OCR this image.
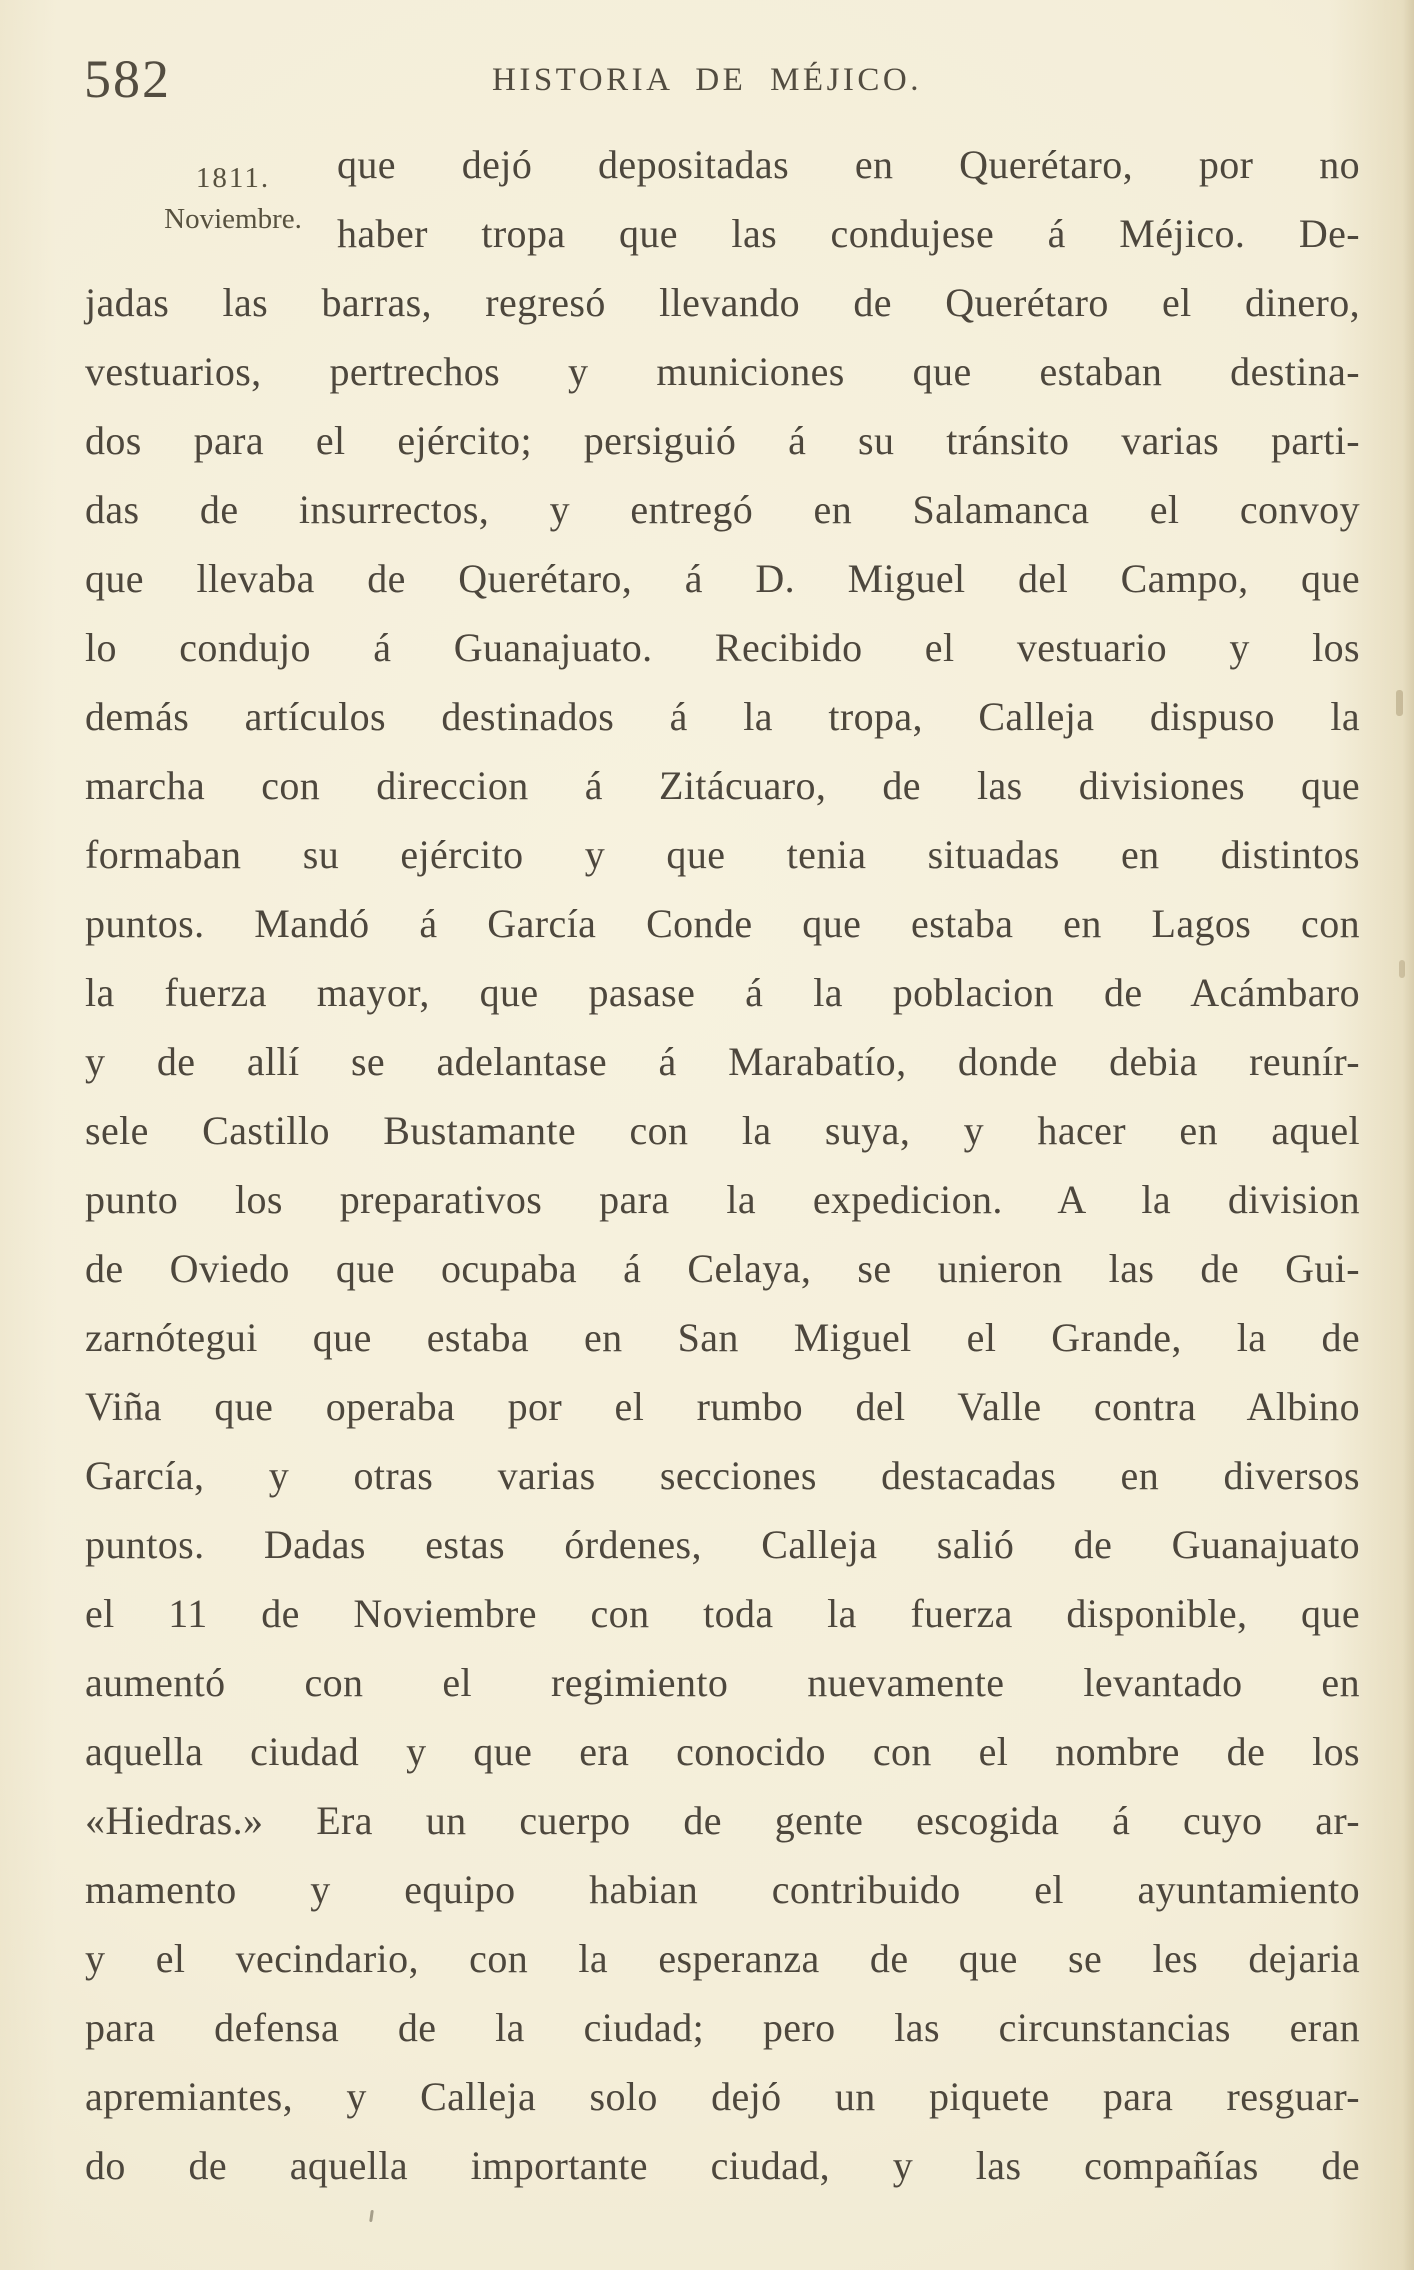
582	HISTORIA DE MÉJICO.
1811.
Noviembre.
que dejó depositadas en Querétaro, por no
haber tropa que las condujese á Méjico. De-
jadas las barras, regresó llevando de Querétaro el dinero,
vestuarios, pertrechos y municiones que estaban destina-
dos para el ejército; persiguió á su tránsito varias parti-
das de insurrectos, y entregó en Salamanca el convoy
que llevaba de Querétaro, á D. Miguel del Campo, que
lo condujo á Guanajuato. Recibido el vestuario y los
demás artículos destinados á la tropa, Calleja dispuso la
marcha con direccion á Zitácuaro, de las divisiones que
formaban su ejército y que tenia situadas en distintos
puntos. Mandó á García Conde que estaba en Lagos con
la fuerza mayor, que pasase á la poblacion de Acámbaro
y de allí se adelantase á Marabatío, donde debia reunír-
sele Castillo Bustamante con la suya, y hacer en aquel
punto los preparativos para la expedicion. A la division
de Oviedo que ocupaba á Celaya, se unieron las de Gui-
zarnótegui que estaba en San Miguel el Grande, la de
Viña que operaba por el rumbo del Valle contra Albino
García, y otras varias secciones destacadas en diversos
puntos. Dadas estas órdenes, Calleja salió de Guanajuato
el 11 de Noviembre con toda la fuerza disponible, que
aumentó con el regimiento nuevamente levantado en
aquella ciudad y que era conocido con el nombre de los
«Hiedras.» Era un cuerpo de gente escogida á cuyo ar-
mamento y equipo habian contribuido el ayuntamiento
y el vecindario, con la esperanza de que se les dejaria
para defensa de la ciudad; pero las circunstancias eran
apremiantes, y Calleja solo dejó un piquete para resguar-
do de aquella importante ciudad, y las compañías de
